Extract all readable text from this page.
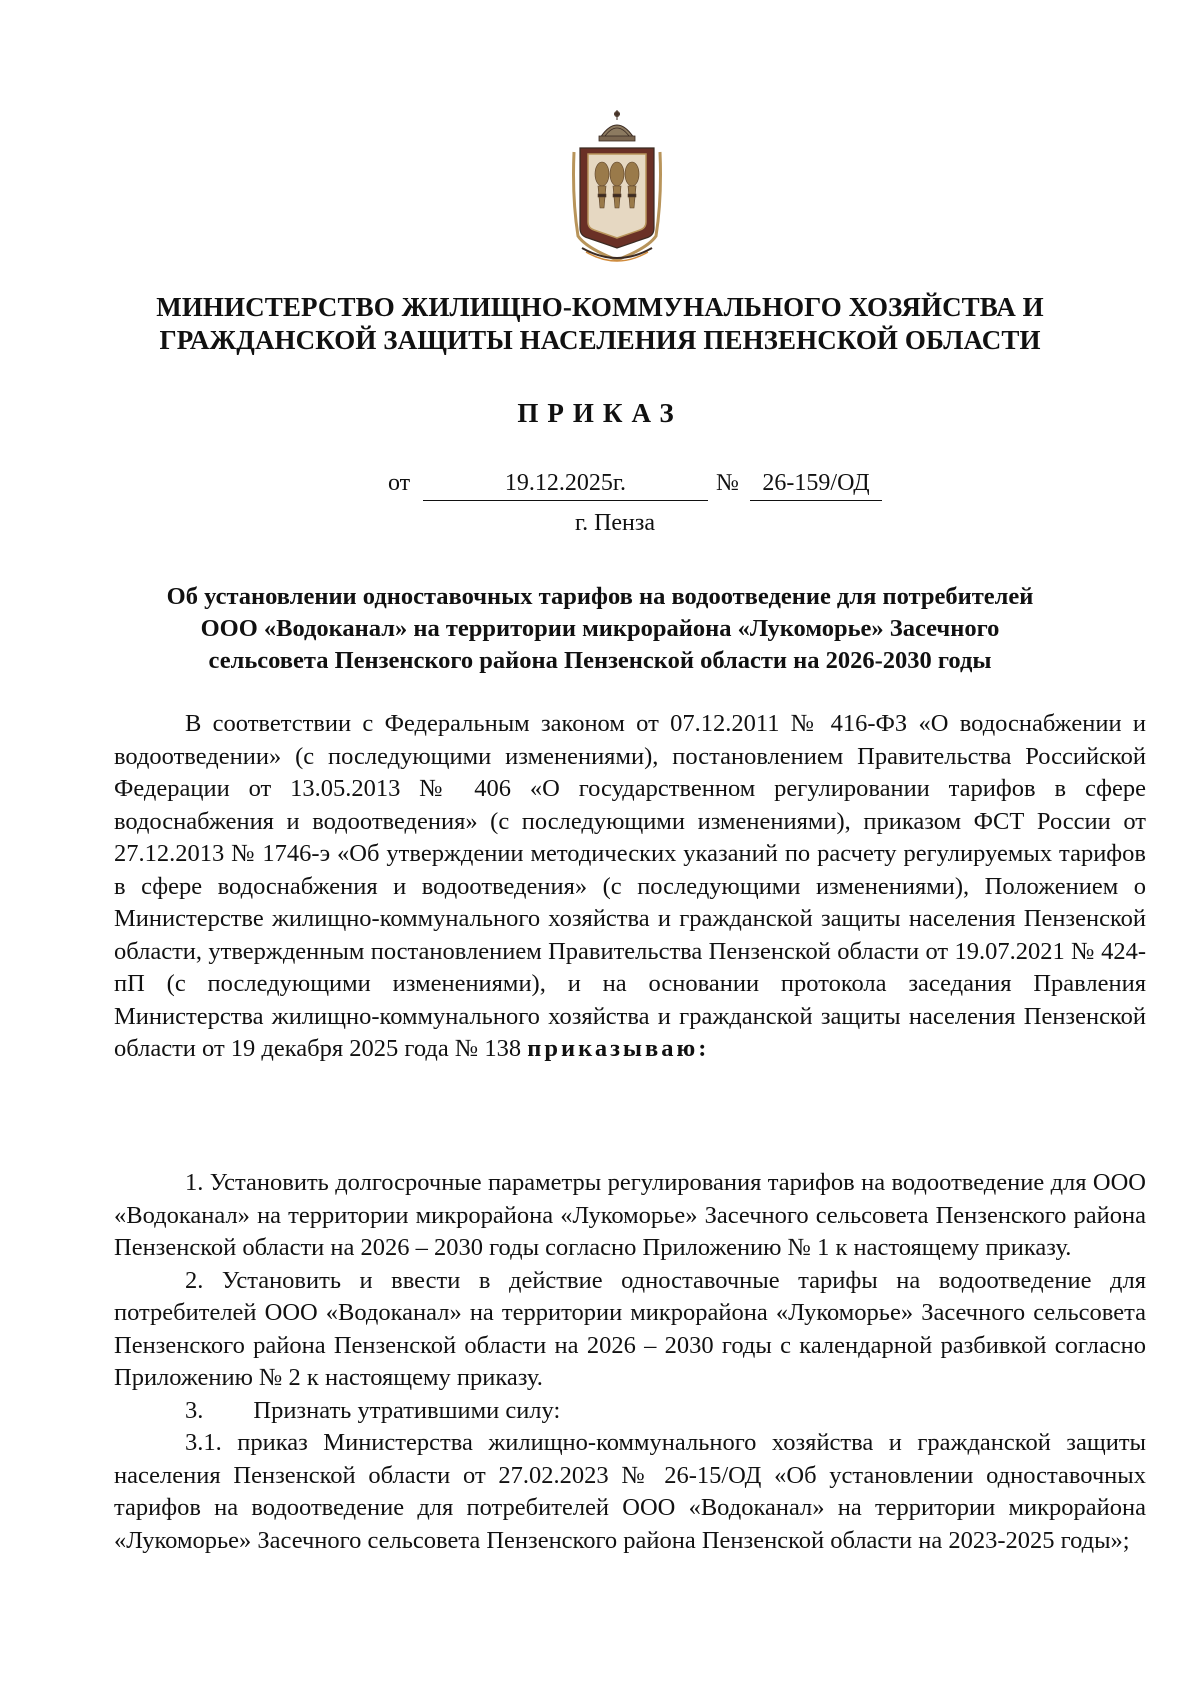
МИНИСТЕРСТВО ЖИЛИЩНО-КОММУНАЛЬНОГО ХОЗЯЙСТВА И
ГРАЖДАНСКОЙ ЗАЩИТЫ НАСЕЛЕНИЯ ПЕНЗЕНСКОЙ ОБЛАСТИ
ПРИКАЗ
от	19.12.2025г.	№ 26-159/ОД
г. Пенза
Об установлении одноставочных тарифов на водоотведение для потребителей
ООО «Водоканал» на территории микрорайона «Лукоморье» Засечного
сельсовета Пензенского района Пензенской области на 2026-2030 годы
В соответствии с Федеральным законом от 07.12.2011 № 416-ФЗ «О водоснабжении и водоотведении» (с последующими изменениями), постановлением Правительства Российской Федерации от 13.05.2013 № 406 «О государственном регулировании тарифов в сфере водоснабжения и водоотведения» (с последующими изменениями), приказом ФСТ России от 27.12.2013 № 1746-э «Об утверждении методических указаний по расчету регулируемых тарифов в сфере водоснабжения и водоотведения» (с последующими изменениями), Положением о Министерстве жилищно-коммунального хозяйства и гражданской защиты населения Пензенской области, утвержденным постановлением Правительства Пензенской области от 19.07.2021 № 424-пП (с последующими изменениями), и на основании протокола заседания Правления Министерства жилищно-коммунального хозяйства и гражданской защиты населения Пензенской области от 19 декабря 2025 года № 138 приказываю:

1. Установить долгосрочные параметры регулирования тарифов на водоотведение для ООО «Водоканал» на территории микрорайона «Лукоморье» Засечного сельсовета Пензенского района Пензенской области на 2026 – 2030 годы согласно Приложению № 1 к настоящему приказу.

2. Установить и ввести в действие одноставочные тарифы на водоотведение для потребителей ООО «Водоканал» на территории микрорайона «Лукоморье» Засечного сельсовета Пензенского района Пензенской области на 2026 – 2030 годы с календарной разбивкой согласно Приложению № 2 к настоящему приказу.

3. Признать утратившими силу:

3.1. приказ Министерства жилищно-коммунального хозяйства и гражданской защиты населения Пензенской области от 27.02.2023 № 26-15/ОД «Об установлении одноставочных тарифов на водоотведение для потребителей ООО «Водоканал» на территории микрорайона «Лукоморье» Засечного сельсовета Пензенского района Пензенской области на 2023-2025 годы»;
